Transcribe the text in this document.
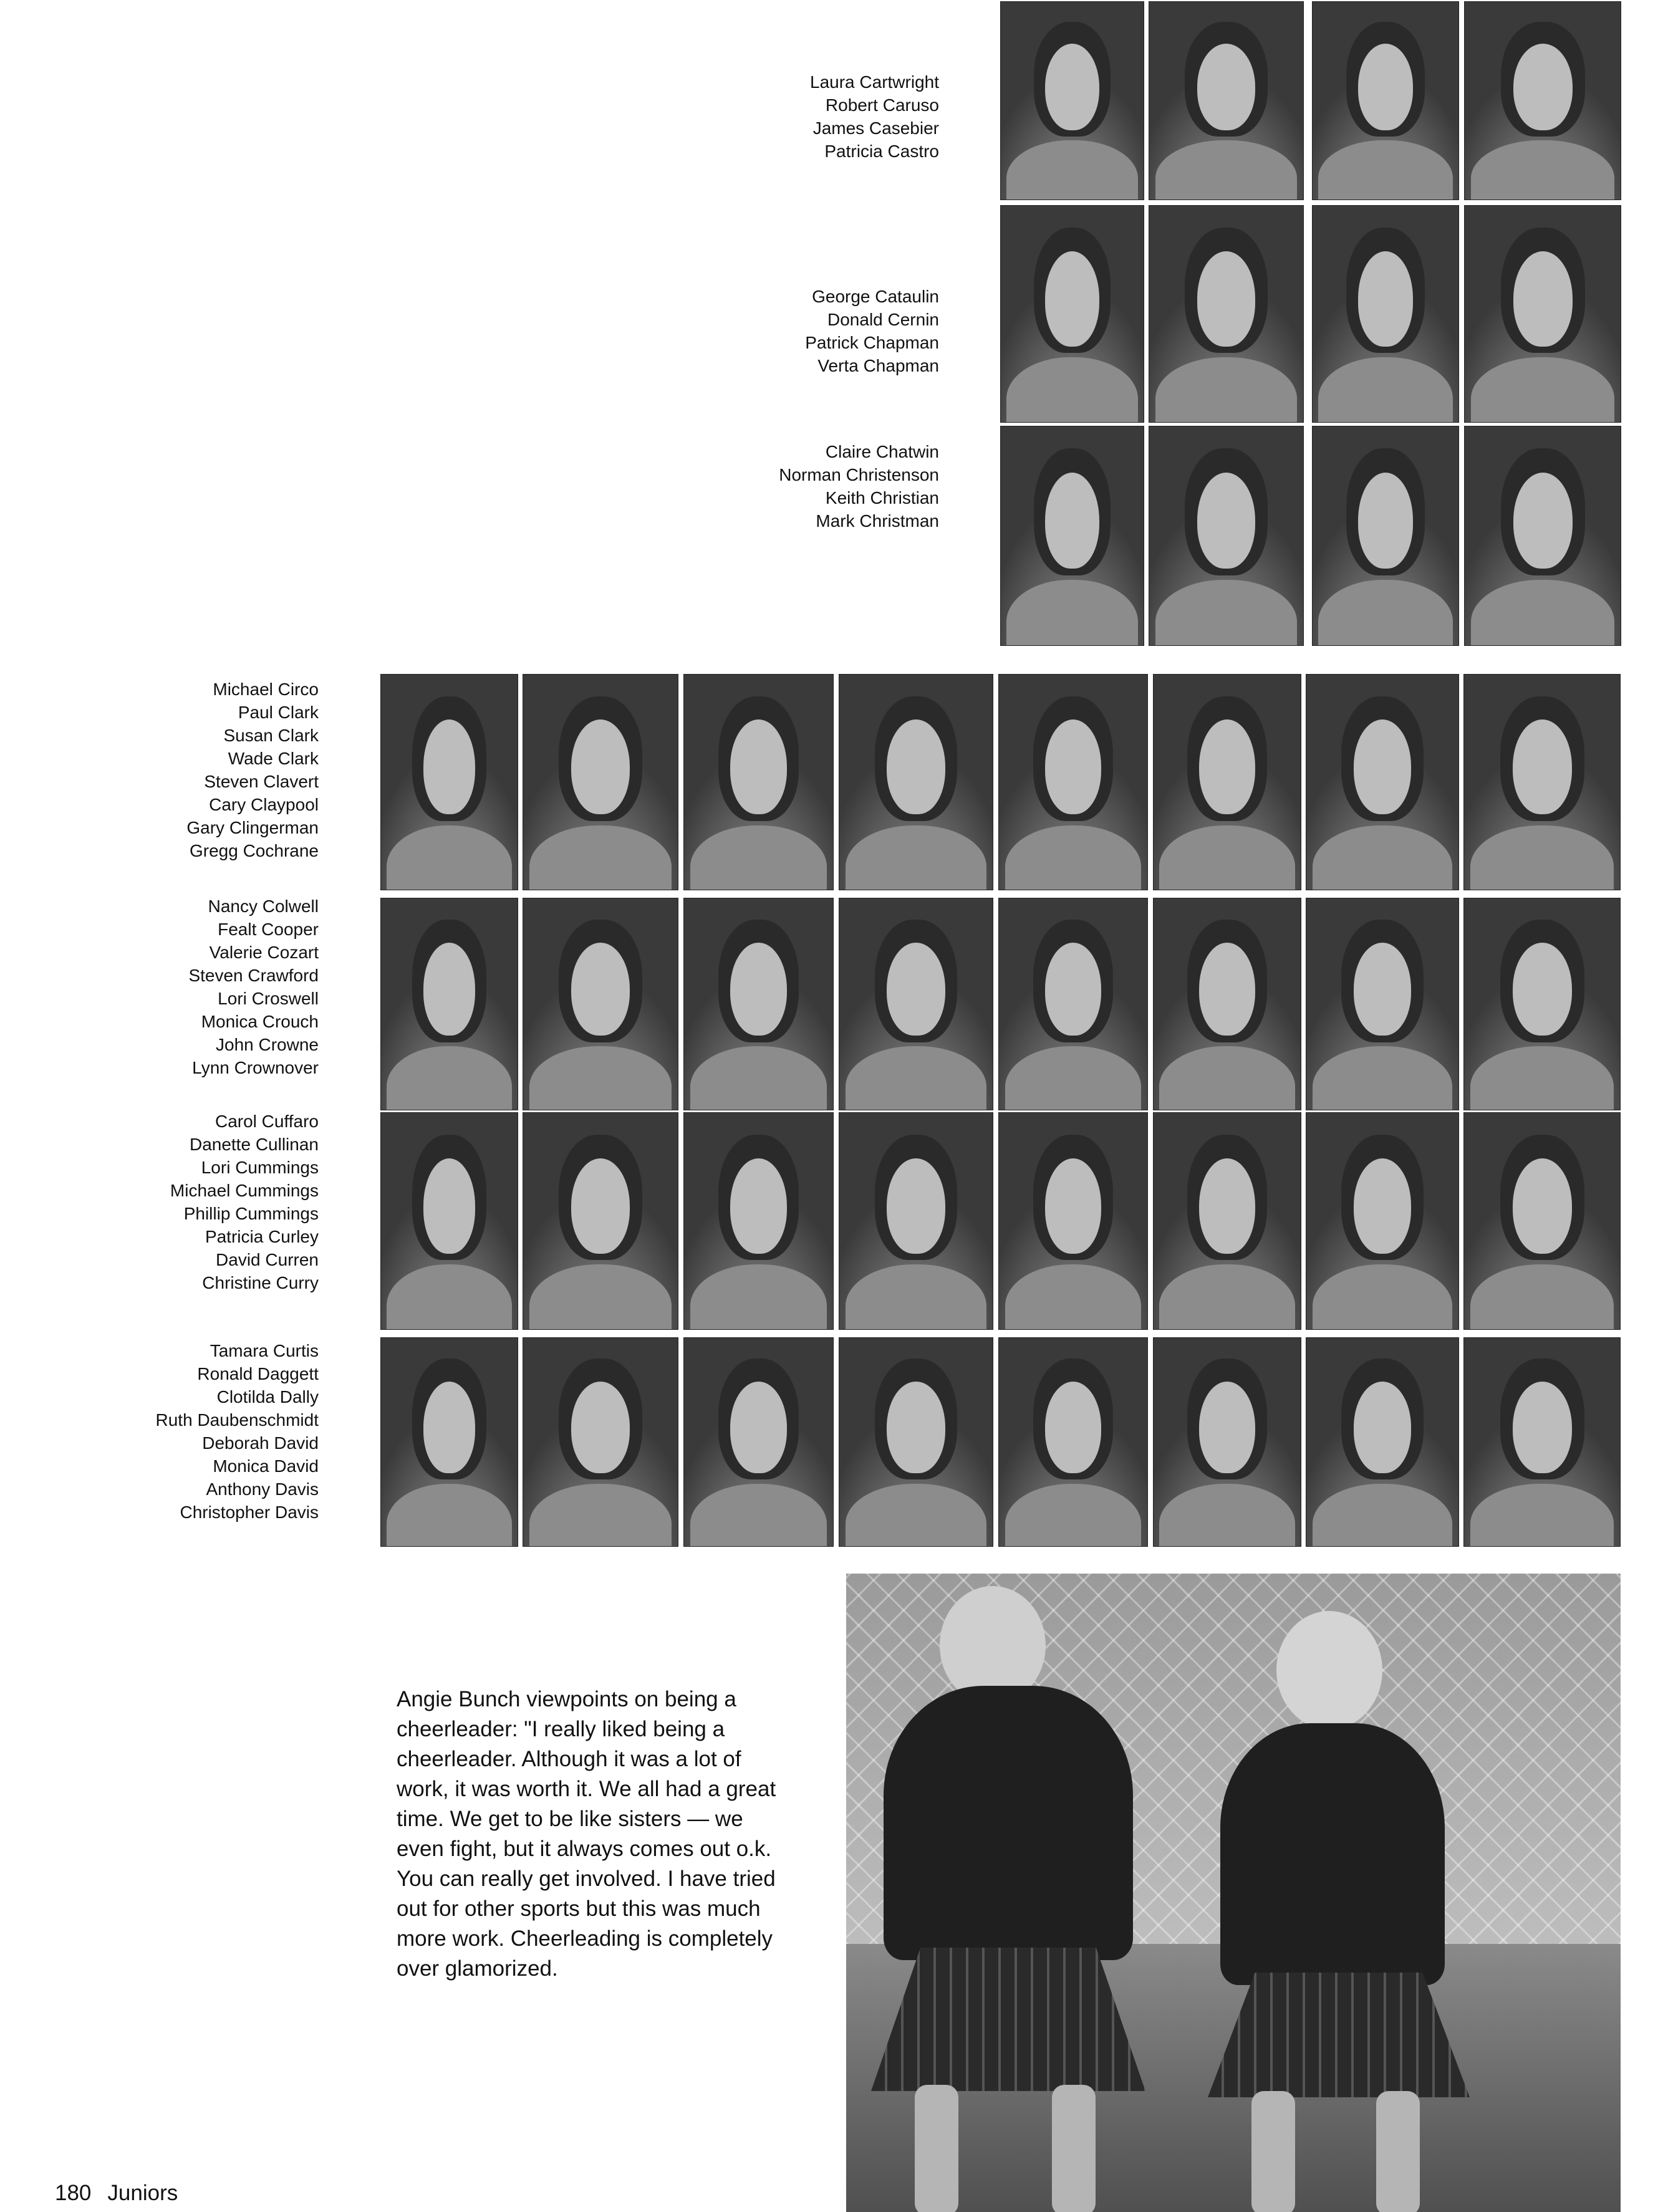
Laura Cartwright
Robert Caruso
James Casebier
Patricia Castro
George Cataulin
Donald Cernin
Patrick Chapman
Verta Chapman
Claire Chatwin
Norman Christenson
Keith Christian
Mark Christman
Michael Circo
Paul Clark
Susan Clark
Wade Clark
Steven Clavert
Cary Claypool
Gary Clingerman
Gregg Cochrane
Nancy Colwell
Fealt Cooper
Valerie Cozart
Steven Crawford
Lori Croswell
Monica Crouch
John Crowne
Lynn Crownover
Carol Cuffaro
Danette Cullinan
Lori Cummings
Michael Cummings
Phillip Cummings
Patricia Curley
David Curren
Christine Curry
Tamara Curtis
Ronald Daggett
Clotilda Dally
Ruth Daubenschmidt
Deborah David
Monica David
Anthony Davis
Christopher Davis
Angie Bunch viewpoints on being a cheerleader: "I really liked being a cheerleader. Although it was a lot of work, it was worth it. We all had a great time. We get to be like sisters — we even fight, but it always comes out o.k. You can really get involved. I have tried out for other sports but this was much more work. Cheerleading is completely over glamorized.
180 Juniors
